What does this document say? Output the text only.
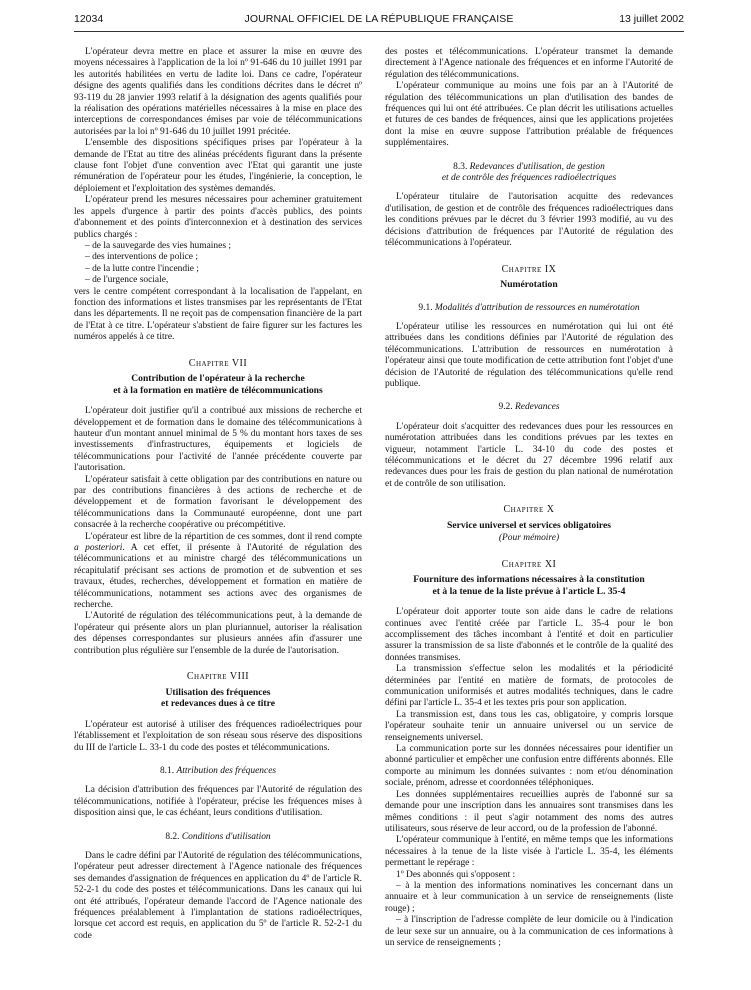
12034	JOURNAL OFFICIEL DE LA RÉPUBLIQUE FRANÇAISE	13 juillet 2002

L'opérateur devra mettre en place et assurer la mise en œuvre des moyens nécessaires à l'application de la loi nº 91-646 du 10 juillet 1991 par les autorités habilitées en vertu de ladite loi. Dans ce cadre, l'opérateur désigne des agents qualifiés dans les conditions décrites dans le décret nº 93-119 du 28 janvier 1993 relatif à la désignation des agents qualifiés pour la réalisation des opérations matérielles nécessaires à la mise en place des interceptions de correspondances émises par voie de télécommunications autorisées par la loi nº 91-646 du 10 juillet 1991 précitée.

L'ensemble des dispositions spécifiques prises par l'opérateur à la demande de l'Etat au titre des alinéas précédents figurant dans la présente clause font l'objet d'une convention avec l'Etat qui garantit une juste rémunération de l'opérateur pour les études, l'ingénierie, la conception, le déploiement et l'exploitation des systèmes demandés.

L'opérateur prend les mesures nécessaires pour acheminer gratuitement les appels d'urgence à partir des points d'accès publics, des points d'abonnement et des points d'interconnexion et à destination des services publics chargés :

– de la sauvegarde des vies humaines ;

– des interventions de police ;

– de la lutte contre l'incendie ;

– de l'urgence sociale,

vers le centre compétent correspondant à la localisation de l'appelant, en fonction des informations et listes transmises par les représentants de l'Etat dans les départements. Il ne reçoit pas de compensation financière de la part de l'Etat à ce titre. L'opérateur s'abstient de faire figurer sur les factures les numéros appelés à ce titre.

Chapitre VII
Contribution de l'opérateur à la recherche
et à la formation en matière de télécommunications

L'opérateur doit justifier qu'il a contribué aux missions de recherche et développement et de formation dans le domaine des télécommunications à hauteur d'un montant annuel minimal de 5 % du montant hors taxes de ses investissements d'infrastructures, équipements et logiciels de télécommunications pour l'activité de l'année précédente couverte par l'autorisation.

L'opérateur satisfait à cette obligation par des contributions en nature ou par des contributions financières à des actions de recherche et de développement et de formation favorisant le développement des télécommunications dans la Communauté européenne, dont une part consacrée à la recherche coopérative ou précompétitive.

L'opérateur est libre de la répartition de ces sommes, dont il rend compte a posteriori. A cet effet, il présente à l'Autorité de régulation des télécommunications et au ministre chargé des télécommunications un récapitulatif précisant ses actions de promotion et de subvention et ses travaux, études, recherches, développement et formation en matière de télécommunications, notamment ses actions avec des organismes de recherche.

L'Autorité de régulation des télécommunications peut, à la demande de l'opérateur qui présente alors un plan pluriannuel, autoriser la réalisation des dépenses correspondantes sur plusieurs années afin d'assurer une contribution plus régulière sur l'ensemble de la durée de l'autorisation.

Chapitre VIII
Utilisation des fréquences
et redevances dues à ce titre

L'opérateur est autorisé à utiliser des fréquences radioélectriques pour l'établissement et l'exploitation de son réseau sous réserve des dispositions du III de l'article L. 33-1 du code des postes et télécommunications.

8.1. Attribution des fréquences

La décision d'attribution des fréquences par l'Autorité de régulation des télécommunications, notifiée à l'opérateur, précise les fréquences mises à disposition ainsi que, le cas échéant, leurs conditions d'utilisation.

8.2. Conditions d'utilisation

Dans le cadre défini par l'Autorité de régulation des télécommunications, l'opérateur peut adresser directement à l'Agence nationale des fréquences ses demandes d'assignation de fréquences en application du 4º de l'article R. 52-2-1 du code des postes et télécommunications. Dans les canaux qui lui ont été attribués, l'opérateur demande l'accord de l'Agence nationale des fréquences préalablement à l'implantation de stations radioélectriques, lorsque cet accord est requis, en application du 5º de l'article R. 52-2-1 du code

des postes et télécommunications. L'opérateur transmet la demande directement à l'Agence nationale des fréquences et en informe l'Autorité de régulation des télécommunications.

L'opérateur communique au moins une fois par an à l'Autorité de régulation des télécommunications un plan d'utilisation des bandes de fréquences qui lui ont été attribuées. Ce plan décrit les utilisations actuelles et futures de ces bandes de fréquences, ainsi que les applications projetées dont la mise en œuvre suppose l'attribution préalable de fréquences supplémentaires.

8.3. Redevances d'utilisation, de gestion
et de contrôle des fréquences radioélectriques

L'opérateur titulaire de l'autorisation acquitte des redevances d'utilisation, de gestion et de contrôle des fréquences radioélectriques dans les conditions prévues par le décret du 3 février 1993 modifié, au vu des décisions d'attribution de fréquences par l'Autorité de régulation des télécommunications à l'opérateur.

Chapitre IX
Numérotation
9.1. Modalités d'attribution de ressources en numérotation

L'opérateur utilise les ressources en numérotation qui lui ont été attribuées dans les conditions définies par l'Autorité de régulation des télécommunications. L'attribution de ressources en numérotation à l'opérateur ainsi que toute modification de cette attribution font l'objet d'une décision de l'Autorité de régulation des télécommunications qu'elle rend publique.

9.2. Redevances

L'opérateur doit s'acquitter des redevances dues pour les ressources en numérotation attribuées dans les conditions prévues par les textes en vigueur, notamment l'article L. 34-10 du code des postes et télécommunications et le décret du 27 décembre 1996 relatif aux redevances dues pour les frais de gestion du plan national de numérotation et de contrôle de son utilisation.

Chapitre X
Service universel et services obligatoires
(Pour mémoire)
Chapitre XI
Fourniture des informations nécessaires à la constitution
et à la tenue de la liste prévue à l'article L. 35-4

L'opérateur doit apporter toute son aide dans le cadre de relations continues avec l'entité créée par l'article L. 35-4 pour le bon accomplissement des tâches incombant à l'entité et doit en particulier assurer la transmission de sa liste d'abonnés et le contrôle de la qualité des données transmises.

La transmission s'effectue selon les modalités et la périodicité déterminées par l'entité en matière de formats, de protocoles de communication uniformisés et autres modalités techniques, dans le cadre défini par l'article L. 35-4 et les textes pris pour son application.

La transmission est, dans tous les cas, obligatoire, y compris lorsque l'opérateur souhaite tenir un annuaire universel ou un service de renseignements universel.

La communication porte sur les données nécessaires pour identifier un abonné particulier et empêcher une confusion entre différents abonnés. Elle comporte au minimum les données suivantes : nom et/ou dénomination sociale, prénom, adresse et coordonnées téléphoniques.

Les données supplémentaires recueillies auprès de l'abonné sur sa demande pour une inscription dans les annuaires sont transmises dans les mêmes conditions : il peut s'agir notamment des noms des autres utilisateurs, sous réserve de leur accord, ou de la profession de l'abonné.

L'opérateur communique à l'entité, en même temps que les informations nécessaires à la tenue de la liste visée à l'article L. 35-4, les éléments permettant le repérage :

1º Des abonnés qui s'opposent :

– à la mention des informations nominatives les concernant dans un annuaire et à leur communication à un service de renseignements (liste rouge) ;

– à l'inscription de l'adresse complète de leur domicile ou à l'indication de leur sexe sur un annuaire, ou à la communication de ces informations à un service de renseignements ;
